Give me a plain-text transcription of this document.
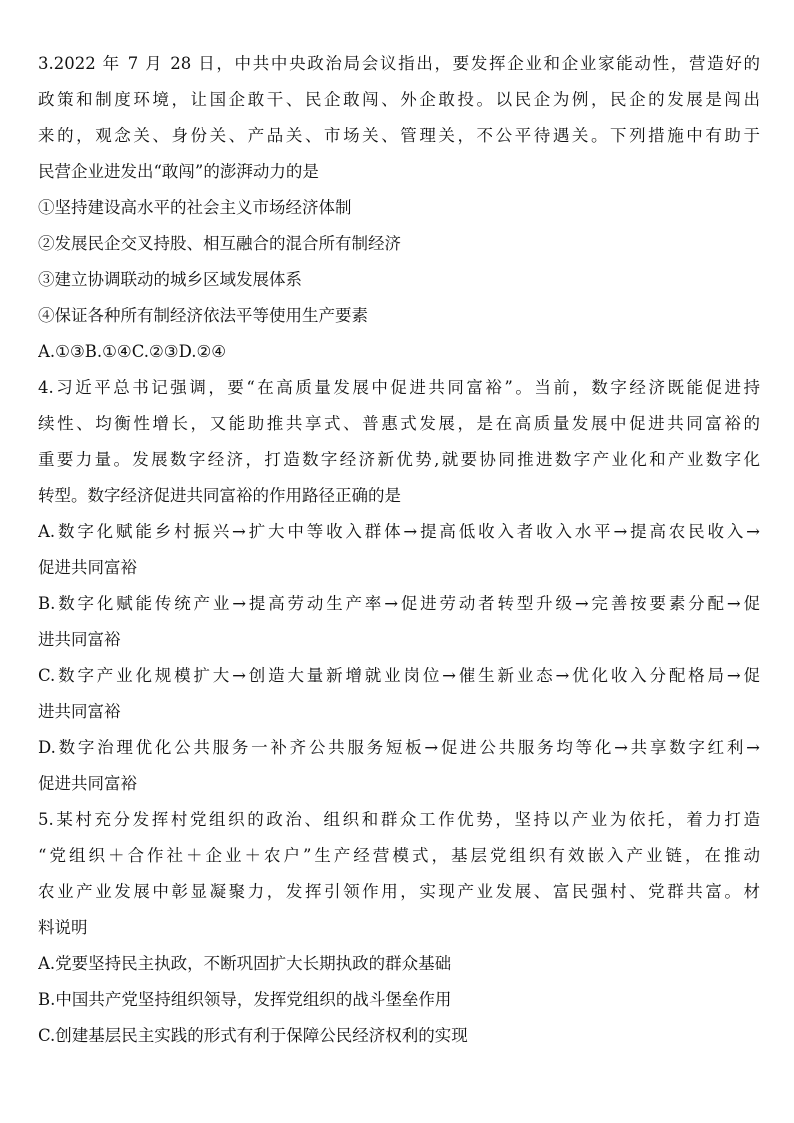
3.2022 年 7 月 28 日，中共中央政治局会议指出，要发挥企业和企业家能动性，营造好的
政策和制度环境，让国企敢干、民企敢闯、外企敢投。以民企为例，民企的发展是闯出
来的，观念关、身份关、产品关、市场关、管理关，不公平待遇关。下列措施中有助于
民营企业进发出“敢闯”的澎湃动力的是
①坚持建设高水平的社会主义市场经济体制
②发展民企交叉持股、相互融合的混合所有制经济
③建立协调联动的城乡区域发展体系
④保证各种所有制经济依法平等使用生产要素
A.①③B.①④C.②③D.②④
4.习近平总书记强调，要“在高质量发展中促进共同富裕”。当前，数字经济既能促进持
续性、均衡性增长，又能助推共享式、普惠式发展，是在高质量发展中促进共同富裕的
重要力量。发展数字经济，打造数字经济新优势,就要协同推进数字产业化和产业数字化
转型。数字经济促进共同富裕的作用路径正确的是
A.数字化赋能乡村振兴→扩大中等收入群体→提高低收入者收入水平→提高农民收入→
促进共同富裕
B.数字化赋能传统产业→提高劳动生产率→促进劳动者转型升级→完善按要素分配→促
进共同富裕
C.数字产业化规模扩大→创造大量新增就业岗位→催生新业态→优化收入分配格局→促
进共同富裕
D.数字治理优化公共服务一补齐公共服务短板→促进公共服务均等化→共享数字红利→
促进共同富裕
5.某村充分发挥村党组织的政治、组织和群众工作优势，坚持以产业为依托，着力打造
“党组织＋合作社＋企业＋农户”生产经营模式，基层党组织有效嵌入产业链，在推动
农业产业发展中彰显凝聚力，发挥引领作用，实现产业发展、富民强村、党群共富。材
料说明
A.党要坚持民主执政，不断巩固扩大长期执政的群众基础
B.中国共产党坚持组织领导，发挥党组织的战斗堡垒作用
C.创建基层民主实践的形式有利于保障公民经济权利的实现
